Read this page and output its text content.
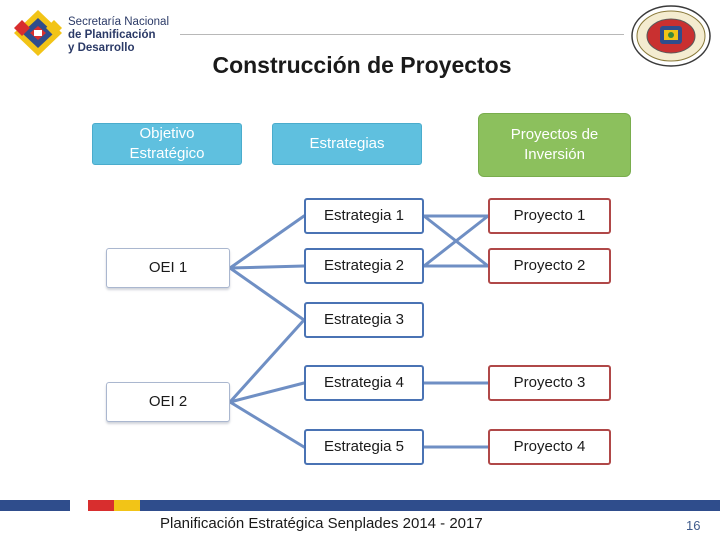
Secretaría Nacional
de Planificación
y Desarrollo
Construcción de Proyectos
Objetivo Estratégico
Estrategias
Proyectos de Inversión
OEI 1
OEI 2
Estrategia 1
Estrategia 2
Estrategia 3
Estrategia 4
Estrategia 5
Proyecto 1
Proyecto 2
Proyecto 3
Proyecto 4
Planificación Estratégica Senplades 2014 - 2017	16
